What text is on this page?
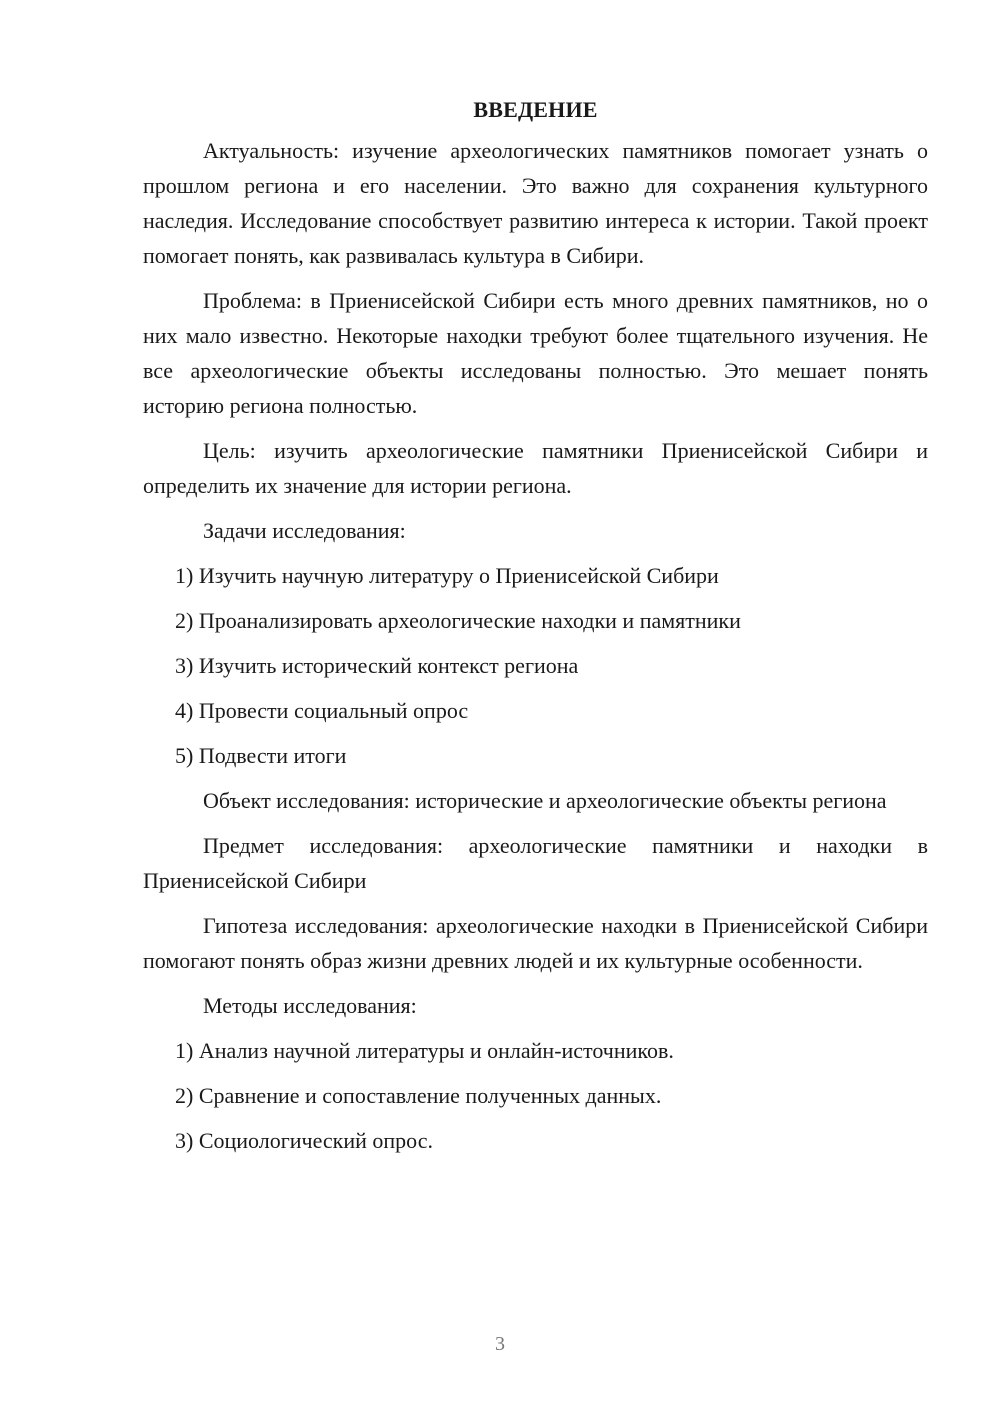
ВВЕДЕНИЕ

Актуальность: изучение археологических памятников помогает узнать о прошлом региона и его населении. Это важно для сохранения культурного наследия. Исследование способствует развитию интереса к истории. Такой проект помогает понять, как развивалась культура в Сибири.

Проблема: в Приенисейской Сибири есть много древних памятников, но о них мало известно. Некоторые находки требуют более тщательного изучения. Не все археологические объекты исследованы полностью. Это мешает понять историю региона полностью.

Цель: изучить археологические памятники Приенисейской Сибири и определить их значение для истории региона.

Задачи исследования:

1) Изучить научную литературу о Приенисейской Сибири

2) Проанализировать археологические находки и памятники

3) Изучить исторический контекст региона

4) Провести социальный опрос

5) Подвести итоги

Объект исследования: исторические и археологические объекты региона

Предмет исследования: археологические памятники и находки в Приенисейской Сибири

Гипотеза исследования: археологические находки в Приенисейской Сибири помогают понять образ жизни древних людей и их культурные особенности.

Методы исследования:

1) Анализ научной литературы и онлайн-источников.

2) Сравнение и сопоставление полученных данных.

3) Социологический опрос.

3
